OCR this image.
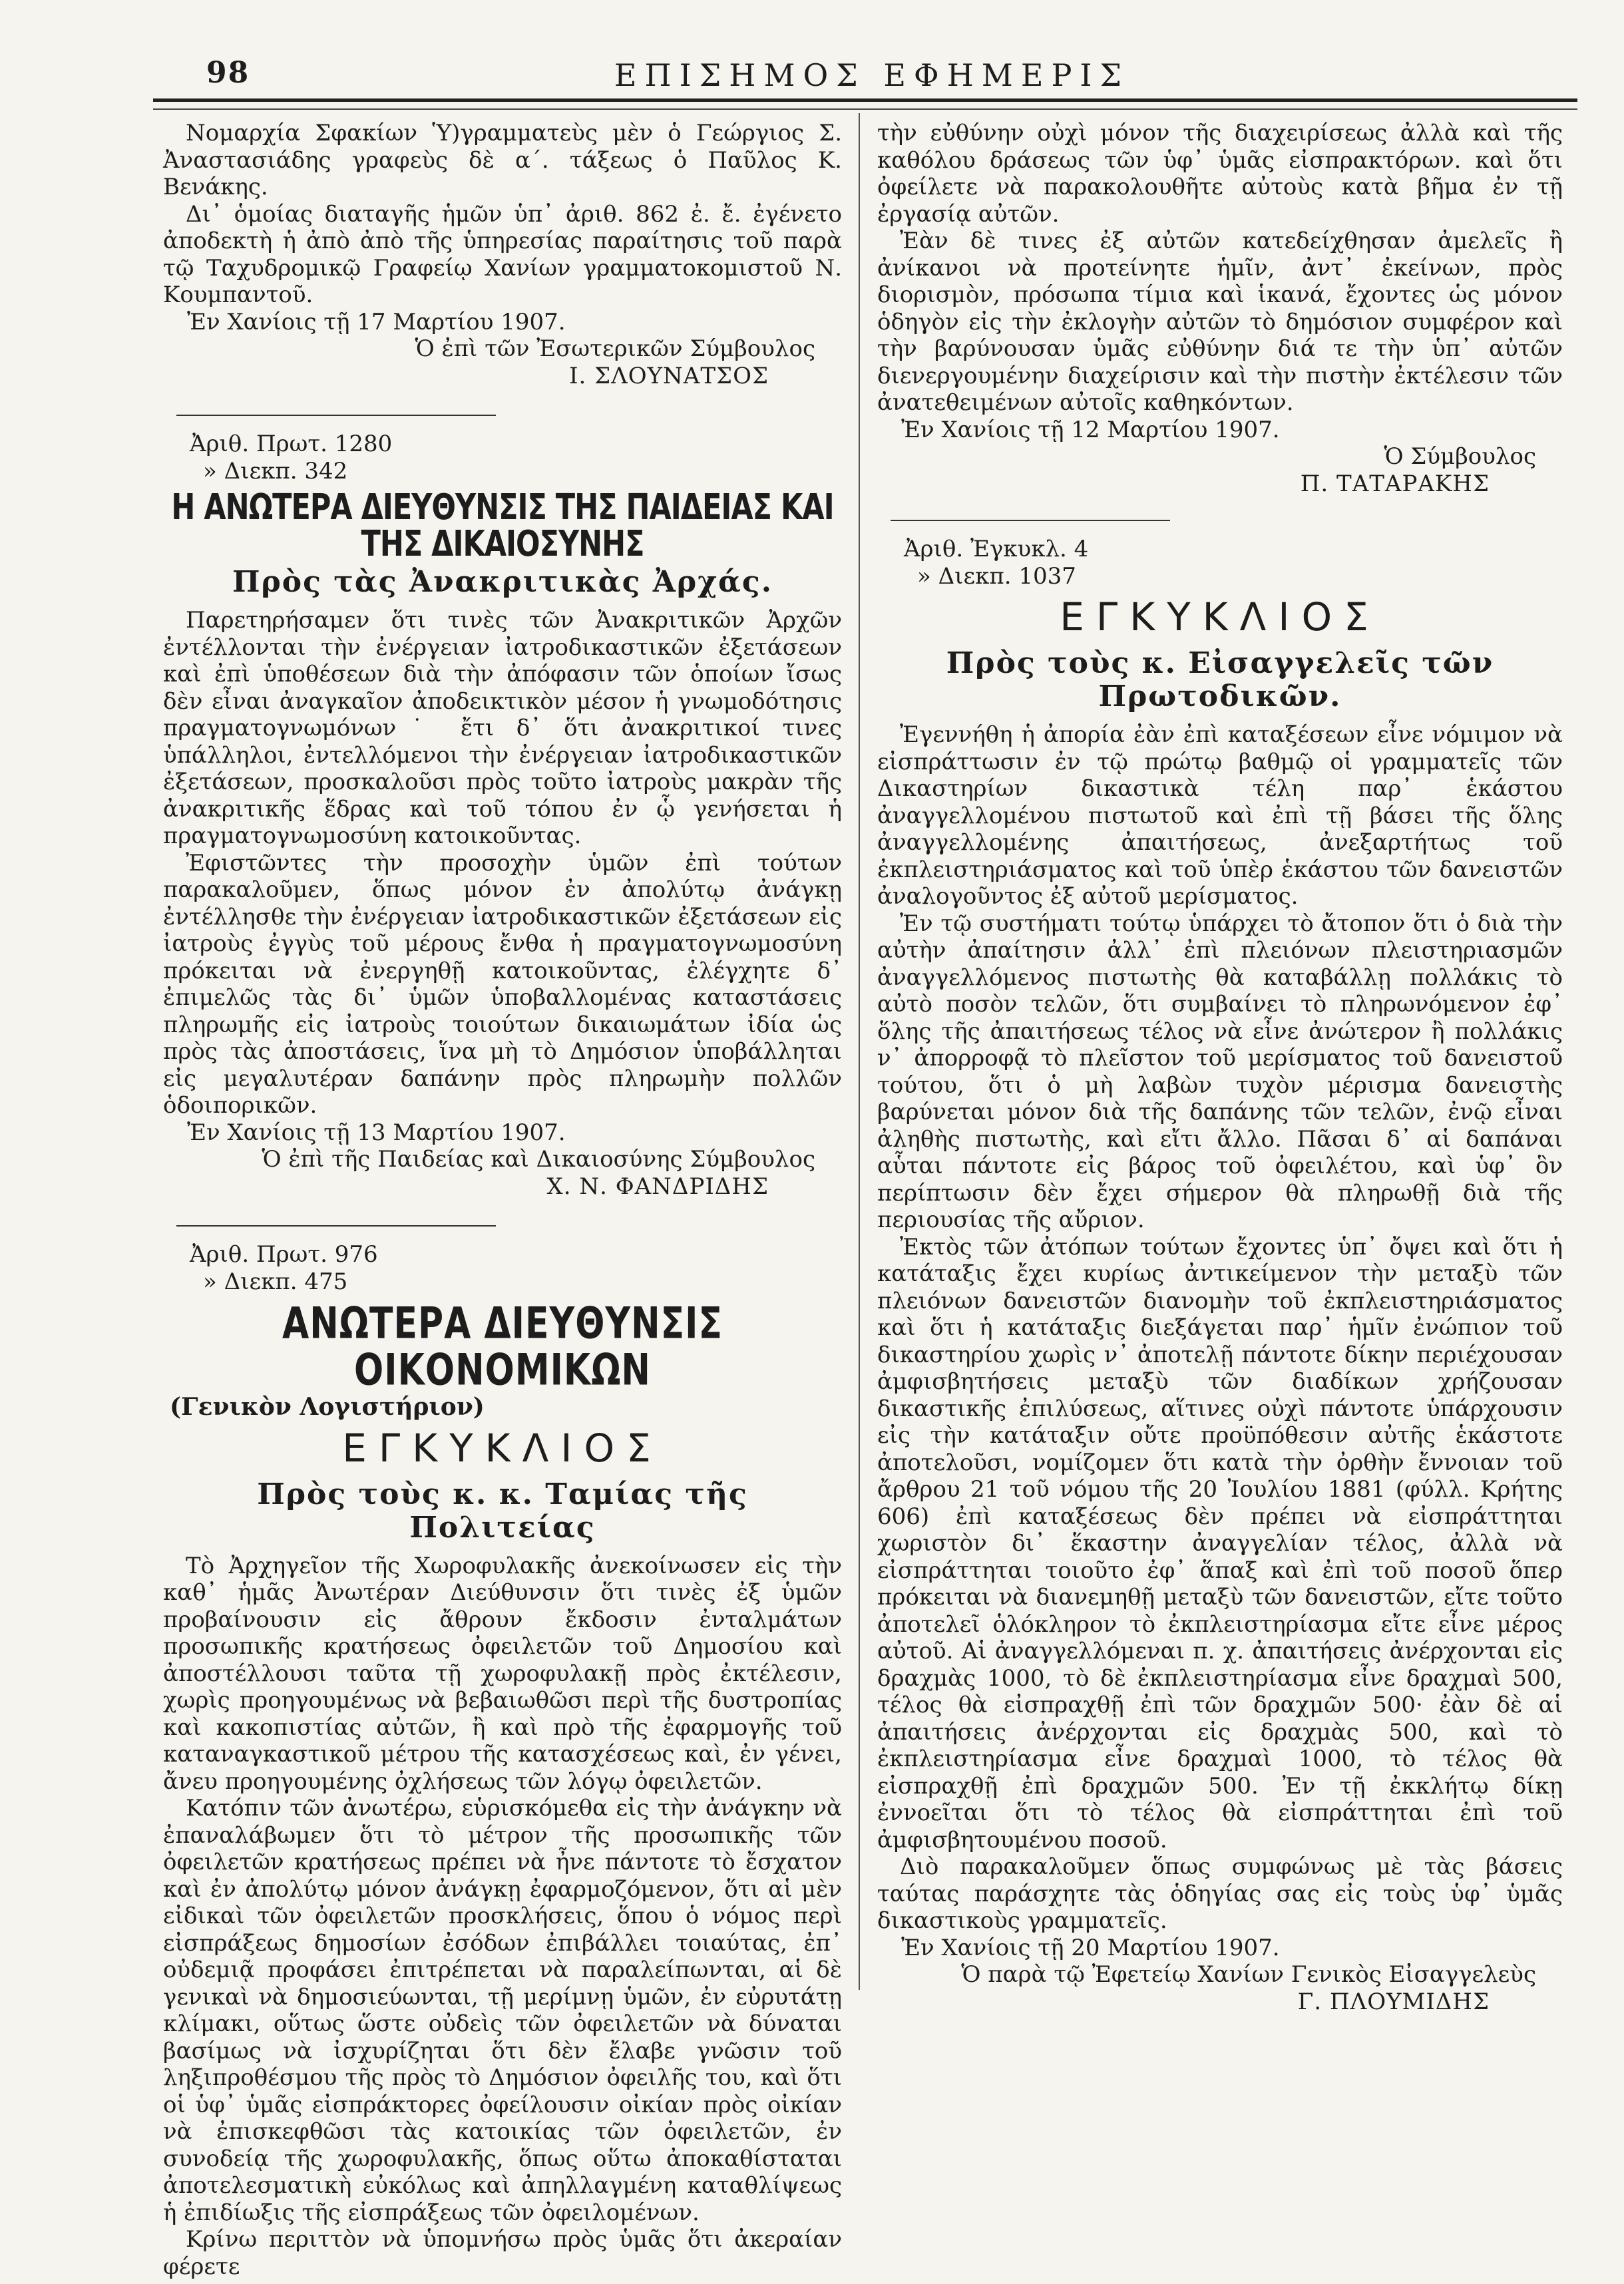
98	ΕΠΙΣΗΜΟΣ ΕΦΗΜΕΡΙΣ

Νομαρχία Σφακίων Ὑ)γραμματεὺς μὲν ὁ Γεώργιος Σ. Ἀναστασιάδης γραφεὺς δὲ α΄. τάξεως ὁ Παῦλος Κ. Βενάκης.

Δι᾽ ὁμοίας διαταγῆς ἡμῶν ὑπ᾽ ἀριθ. 862 ἐ. ἔ. ἐγένετο ἀποδεκτὴ ἡ ἀπὸ ἀπὸ τῆς ὑπηρεσίας παραίτησις τοῦ παρὰ τῷ Ταχυδρομικῷ Γραφείῳ Χανίων γραμματοκομιστοῦ Ν. Κουμπαντοῦ.

Ἐν Χανίοις τῇ 17 Μαρτίου 1907.

Ὁ ἐπὶ τῶν Ἐσωτερικῶν Σύμβουλος

Ι. ΣΛΟΥΝΑΤΣΟΣ

Ἀριθ. Πρωτ. 1280

» Διεκπ. 342

Η ΑΝΩΤΕΡΑ ΔΙΕΥΘΥΝΣΙΣ ΤΗΣ ΠΑΙΔΕΙΑΣ ΚΑΙ ΤΗΣ ΔΙΚΑΙΟΣΥΝΗΣ
Πρὸς τὰς Ἀνακριτικὰς Ἀρχάς.

Παρετηρήσαμεν ὅτι τινὲς τῶν Ἀνακριτικῶν Ἀρχῶν ἐντέλλονται τὴν ἐνέργειαν ἰατροδικαστικῶν ἐξετάσεων καὶ ἐπὶ ὑποθέσεων διὰ τὴν ἀπόφασιν τῶν ὁποίων ἴσως δὲν εἶναι ἀναγκαῖον ἀποδεικτικὸν μέσον ἡ γνωμοδότησις πραγματογνωμόνων˙ ἔτι δ᾽ ὅτι ἀνακριτικοί τινες ὑπάλληλοι, ἐντελλόμενοι τὴν ἐνέργειαν ἰατροδικαστικῶν ἐξετάσεων, προσκαλοῦσι πρὸς τοῦτο ἰατροὺς μακρὰν τῆς ἀνακριτικῆς ἕδρας καὶ τοῦ τόπου ἐν ᾧ γενήσεται ἡ πραγματογνωμοσύνη κατοικοῦντας.

Ἐφιστῶντες τὴν προσοχὴν ὑμῶν ἐπὶ τούτων παρακαλοῦμεν, ὅπως μόνον ἐν ἀπολύτῳ ἀνάγκῃ ἐντέλλησθε τὴν ἐνέργειαν ἰατροδικαστικῶν ἐξετάσεων εἰς ἰατροὺς ἐγγὺς τοῦ μέρους ἔνθα ἡ πραγματογνωμοσύνη πρόκειται νὰ ἐνεργηθῇ κατοικοῦντας, ἐλέγχητε δ᾽ ἐπιμελῶς τὰς δι᾽ ὑμῶν ὑποβαλλομένας καταστάσεις πληρωμῆς εἰς ἰατροὺς τοιούτων δικαιωμάτων ἰδία ὡς πρὸς τὰς ἀποστάσεις, ἵνα μὴ τὸ Δημόσιον ὑποβάλληται εἰς μεγαλυτέραν δαπάνην πρὸς πληρωμὴν πολλῶν ὁδοιπορικῶν.

Ἐν Χανίοις τῇ 13 Μαρτίου 1907.

Ὁ ἐπὶ τῆς Παιδείας καὶ Δικαιοσύνης Σύμβουλος

Χ. Ν. ΦΑΝΔΡΙΔΗΣ

Ἀριθ. Πρωτ. 976

» Διεκπ. 475

ΑΝΩΤΕΡΑ ΔΙΕΥΘΥΝΣΙΣ ΟΙΚΟΝΟΜΙΚΩΝ
(Γενικὸν Λογιστήριον)
ΕΓΚΥΚΛΙΟΣ
Πρὸς τοὺς κ. κ. Ταμίας τῆς Πολιτείας

Τὸ Ἀρχηγεῖον τῆς Χωροφυλακῆς ἀνεκοίνωσεν εἰς τὴν καθ᾽ ἡμᾶς Ἀνωτέραν Διεύθυνσιν ὅτι τινὲς ἐξ ὑμῶν προβαίνουσιν εἰς ἄθρουν ἔκδοσιν ἐνταλμάτων προσωπικῆς κρατήσεως ὀφειλετῶν τοῦ Δημοσίου καὶ ἀποστέλλουσι ταῦτα τῇ χωροφυλακῇ πρὸς ἐκτέλεσιν, χωρὶς προηγουμένως νὰ βεβαιωθῶσι περὶ τῆς δυστροπίας καὶ κακοπιστίας αὐτῶν, ἢ καὶ πρὸ τῆς ἐφαρμογῆς τοῦ καταναγκαστικοῦ μέτρου τῆς κατασχέσεως καὶ, ἐν γένει, ἄνευ προηγουμένης ὀχλήσεως τῶν λόγῳ ὀφειλετῶν.

Κατόπιν τῶν ἀνωτέρω, εὑρισκόμεθα εἰς τὴν ἀνάγκην νὰ ἐπαναλάβωμεν ὅτι τὸ μέτρον τῆς προσωπικῆς τῶν ὀφειλετῶν κρατήσεως πρέπει νὰ ἦνε πάντοτε τὸ ἔσχατον καὶ ἐν ἀπολύτῳ μόνον ἀνάγκῃ ἐφαρμοζόμενον, ὅτι αἱ μὲν εἰδικαὶ τῶν ὀφειλετῶν προσκλήσεις, ὅπου ὁ νόμος περὶ εἰσπράξεως δημοσίων ἐσόδων ἐπιβάλλει τοιαύτας, ἐπ᾽ οὐδεμιᾷ προφάσει ἐπιτρέπεται νὰ παραλείπωνται, αἱ δὲ γενικαὶ νὰ δημοσιεύωνται, τῇ μερίμνῃ ὑμῶν, ἐν εὐρυτάτῃ κλίμακι, οὕτως ὥστε οὐδεὶς τῶν ὀφειλετῶν νὰ δύναται βασίμως νὰ ἰσχυρίζηται ὅτι δὲν ἔλαβε γνῶσιν τοῦ ληξιπροθέσμου τῆς πρὸς τὸ Δημόσιον ὀφειλῆς του, καὶ ὅτι οἱ ὑφ᾽ ὑμᾶς εἰσπράκτορες ὀφείλουσιν οἰκίαν πρὸς οἰκίαν νὰ ἐπισκεφθῶσι τὰς κατοικίας τῶν ὀφειλετῶν, ἐν συνοδείᾳ τῆς χωροφυλακῆς, ὅπως οὕτω ἀποκαθίσταται ἀποτελεσματικὴ εὐκόλως καὶ ἀπηλλαγμένη καταθλίψεως ἡ ἐπιδίωξις τῆς εἰσπράξεως τῶν ὀφειλομένων.

Κρίνω περιττὸν νὰ ὑπομνήσω πρὸς ὑμᾶς ὅτι ἀκεραίαν φέρετε

τὴν εὐθύνην οὐχὶ μόνον τῆς διαχειρίσεως ἀλλὰ καὶ τῆς καθόλου δράσεως τῶν ὑφ᾽ ὑμᾶς εἰσπρακτόρων. καὶ ὅτι ὀφείλετε νὰ παρακολουθῆτε αὐτοὺς κατὰ βῆμα ἐν τῇ ἐργασίᾳ αὐτῶν.

Ἐὰν δὲ τινες ἐξ αὐτῶν κατεδείχθησαν ἀμελεῖς ἢ ἀνίκανοι νὰ προτείνητε ἡμῖν, ἀντ᾽ ἐκείνων, πρὸς διορισμὸν, πρόσωπα τίμια καὶ ἱκανά, ἔχοντες ὡς μόνον ὁδηγὸν εἰς τὴν ἐκλογὴν αὐτῶν τὸ δημόσιον συμφέρον καὶ τὴν βαρύνουσαν ὑμᾶς εὐθύνην διά τε τὴν ὑπ᾽ αὐτῶν διενεργουμένην διαχείρισιν καὶ τὴν πιστὴν ἐκτέλεσιν τῶν ἀνατεθειμένων αὐτοῖς καθηκόντων.

Ἐν Χανίοις τῇ 12 Μαρτίου 1907.

Ὁ Σύμβουλος

Π. ΤΑΤΑΡΑΚΗΣ

Ἀριθ. Ἐγκυκλ. 4

» Διεκπ. 1037

ΕΓΚΥΚΛΙΟΣ
Πρὸς τοὺς κ. Εἰσαγγελεῖς τῶν Πρωτοδικῶν.

Ἐγεννήθη ἡ ἀπορία ἐὰν ἐπὶ καταξέσεων εἶνε νόμιμον νὰ εἰσπράττωσιν ἐν τῷ πρώτῳ βαθμῷ οἱ γραμματεῖς τῶν Δικαστηρίων δικαστικὰ τέλη παρ᾽ ἑκάστου ἀναγγελλομένου πιστωτοῦ καὶ ἐπὶ τῇ βάσει τῆς ὅλης ἀναγγελλομένης ἀπαιτήσεως, ἀνεξαρτήτως τοῦ ἐκπλειστηριάσματος καὶ τοῦ ὑπὲρ ἑκάστου τῶν δανειστῶν ἀναλογοῦντος ἐξ αὐτοῦ μερίσματος.

Ἐν τῷ συστήματι τούτῳ ὑπάρχει τὸ ἄτοπον ὅτι ὁ διὰ τὴν αὐτὴν ἀπαίτησιν ἀλλ᾽ ἐπὶ πλειόνων πλειστηριασμῶν ἀναγγελλόμενος πιστωτὴς θὰ καταβάλλῃ πολλάκις τὸ αὐτὸ ποσὸν τελῶν, ὅτι συμβαίνει τὸ πληρωνόμενον ἐφ᾽ ὅλης τῆς ἀπαιτήσεως τέλος νὰ εἶνε ἀνώτερον ἢ πολλάκις ν᾽ ἀπορροφᾷ τὸ πλεῖστον τοῦ μερίσματος τοῦ δανειστοῦ τούτου, ὅτι ὁ μὴ λαβὼν τυχὸν μέρισμα δανειστὴς βαρύνεται μόνον διὰ τῆς δαπάνης τῶν τελῶν, ἐνῷ εἶναι ἀληθὴς πιστωτὴς, καὶ εἴτι ἄλλο. Πᾶσαι δ᾽ αἱ δαπάναι αὗται πάντοτε εἰς βάρος τοῦ ὀφειλέτου, καὶ ὑφ᾽ ὃν περίπτωσιν δὲν ἔχει σήμερον θὰ πληρωθῇ διὰ τῆς περιουσίας τῆς αὔριον.

Ἐκτὸς τῶν ἀτόπων τούτων ἔχοντες ὑπ᾽ ὄψει καὶ ὅτι ἡ κατάταξις ἔχει κυρίως ἀντικείμενον τὴν μεταξὺ τῶν πλειόνων δανειστῶν διανομὴν τοῦ ἐκπλειστηριάσματος καὶ ὅτι ἡ κατάταξις διεξάγεται παρ᾽ ἡμῖν ἐνώπιον τοῦ δικαστηρίου χωρὶς ν᾽ ἀποτελῇ πάντοτε δίκην περιέχουσαν ἀμφισβητήσεις μεταξὺ τῶν διαδίκων χρήζουσαν δικαστικῆς ἐπιλύσεως, αἵτινες οὐχὶ πάντοτε ὑπάρχουσιν εἰς τὴν κατάταξιν οὔτε προϋπόθεσιν αὐτῆς ἑκάστοτε ἀποτελοῦσι, νομίζομεν ὅτι κατὰ τὴν ὀρθὴν ἔννοιαν τοῦ ἄρθρου 21 τοῦ νόμου τῆς 20 Ἰουλίου 1881 (φύλλ. Κρήτης 606) ἐπὶ καταξέσεως δὲν πρέπει νὰ εἰσπράττηται χωριστὸν δι᾽ ἕκαστην ἀναγγελίαν τέλος, ἀλλὰ νὰ εἰσπράττηται τοιοῦτο ἐφ᾽ ἅπαξ καὶ ἐπὶ τοῦ ποσοῦ ὅπερ πρόκειται νὰ διανεμηθῇ μεταξὺ τῶν δανειστῶν, εἴτε τοῦτο ἀποτελεῖ ὁλόκληρον τὸ ἐκπλειστηρίασμα εἴτε εἶνε μέρος αὐτοῦ. Αἱ ἀναγγελλόμεναι π. χ. ἀπαιτήσεις ἀνέρχονται εἰς δραχμὰς 1000, τὸ δὲ ἐκπλειστηρίασμα εἶνε δραχμαὶ 500, τέλος θὰ εἰσπραχθῇ ἐπὶ τῶν δραχμῶν 500· ἐὰν δὲ αἱ ἀπαιτήσεις ἀνέρχονται εἰς δραχμὰς 500, καὶ τὸ ἐκπλειστηρίασμα εἶνε δραχμαὶ 1000, τὸ τέλος θὰ εἰσπραχθῇ ἐπὶ δραχμῶν 500. Ἐν τῇ ἐκκλήτῳ δίκῃ ἐννοεῖται ὅτι τὸ τέλος θὰ εἰσπράττηται ἐπὶ τοῦ ἀμφισβητουμένου ποσοῦ.

Διὸ παρακαλοῦμεν ὅπως συμφώνως μὲ τὰς βάσεις ταύτας παράσχητε τὰς ὁδηγίας σας εἰς τοὺς ὑφ᾽ ὑμᾶς δικαστικοὺς γραμματεῖς.

Ἐν Χανίοις τῇ 20 Μαρτίου 1907.

Ὁ παρὰ τῷ Ἐφετείῳ Χανίων Γενικὸς Εἰσαγγελεὺς

Γ. ΠΛΟΥΜΙΔΗΣ
